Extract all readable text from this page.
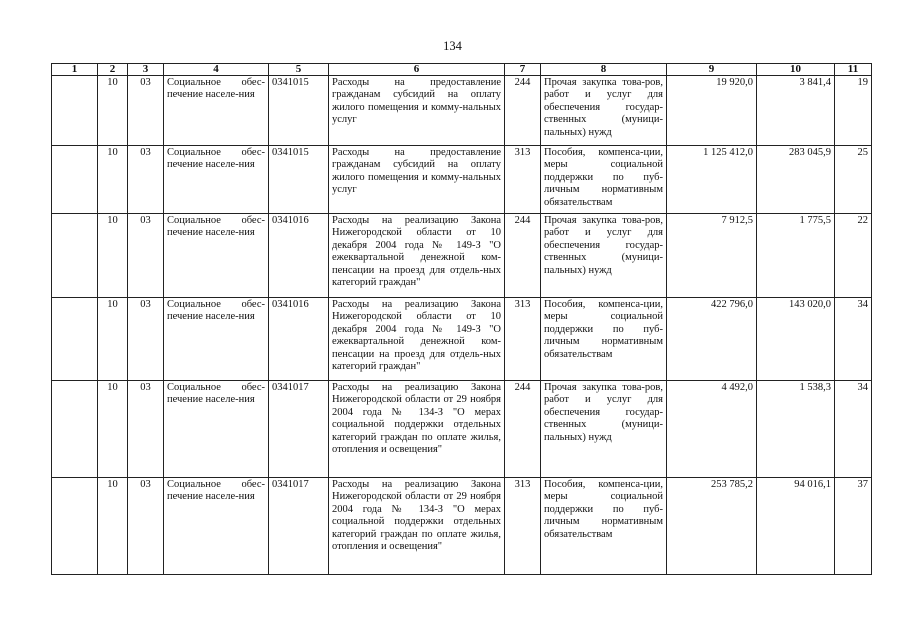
134
1	2	3	4	5	6	7	8	9	10	11
	10	03	Социальное обес-печение населе-ния	0341015	Расходы на предоставление гражданам субсидий на оплату жилого помещения и комму-нальных услуг	244	Прочая закупка това-ров, работ и услуг для обеспечения государ-ственных (муници-пальных) нужд	19 920,0	3 841,4	19
	10	03	Социальное обес-печение населе-ния	0341015	Расходы на предоставление гражданам субсидий на оплату жилого помещения и комму-нальных услуг	313	Пособия, компенса-ции, меры социальной поддержки по пуб-личным нормативным обязательствам	1 125 412,0	283 045,9	25
	10	03	Социальное обес-печение населе-ния	0341016	Расходы на реализацию Закона Нижегородской области от 10 декабря 2004 года № 149-З "О ежеквартальной денежной ком-пенсации на проезд для отдель-ных категорий граждан"	244	Прочая закупка това-ров, работ и услуг для обеспечения государ-ственных (муници-пальных) нужд	7 912,5	1 775,5	22
	10	03	Социальное обес-печение населе-ния	0341016	Расходы на реализацию Закона Нижегородской области от 10 декабря 2004 года № 149-З "О ежеквартальной денежной ком-пенсации на проезд для отдель-ных категорий граждан"	313	Пособия, компенса-ции, меры социальной поддержки по пуб-личным нормативным обязательствам	422 796,0	143 020,0	34
	10	03	Социальное обес-печение населе-ния	0341017	Расходы на реализацию Закона Нижегородской области от 29 ноября 2004 года № 134-З "О мерах социальной поддержки отдельных категорий граждан по оплате жилья, отопления и освещения"	244	Прочая закупка това-ров, работ и услуг для обеспечения государ-ственных (муници-пальных) нужд	4 492,0	1 538,3	34
	10	03	Социальное обес-печение населе-ния	0341017	Расходы на реализацию Закона Нижегородской области от 29 ноября 2004 года № 134-З "О мерах социальной поддержки отдельных категорий граждан по оплате жилья, отопления и освещения"	313	Пособия, компенса-ции, меры социальной поддержки по пуб-личным нормативным обязательствам	253 785,2	94 016,1	37
